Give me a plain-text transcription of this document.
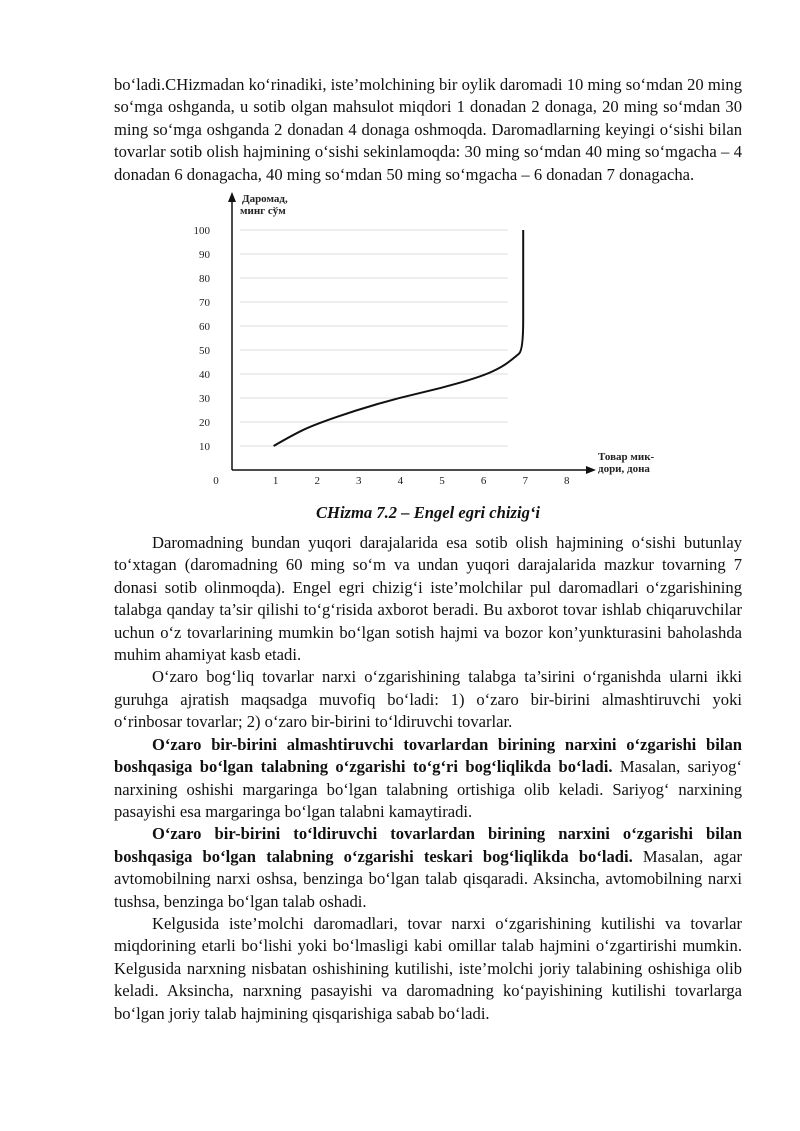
bo‘ladi.CHizmadan ko‘rinadiki, iste’molchining bir oylik daromadi 10 ming so‘mdan 20 ming so‘mga oshganda, u sotib olgan mahsulot miqdori 1 donadan 2 donaga, 20 ming so‘mdan 30 ming so‘mga oshganda 2 donadan 4 donaga oshmoqda. Daromadlarning keyingi o‘sishi bilan tovarlar sotib olish hajmining o‘sishi sekinlamoqda: 30 ming so‘mdan 40 ming so‘mgacha – 4 donadan 6 donagacha, 40 ming so‘mdan 50 ming so‘mgacha – 6 donadan 7 donagacha.

10
20
30
40
50
60
70
80
90
100
0	1	2	3	4	5	6	7	8
Даромад,
минг сўм
Товар мик-
дори, дона
CHizma 7.2 – Engel egri chizig‘i

Daromadning bundan yuqori darajalarida esa sotib olish hajmining o‘sishi butunlay to‘xtagan (daromadning 60 ming so‘m va undan yuqori darajalarida mazkur tovarning 7 donasi sotib olinmoqda). Engel egri chizig‘i iste’molchilar pul daromadlari o‘zgarishining talabga qanday ta’sir qilishi to‘g‘risida axborot beradi. Bu axborot tovar ishlab chiqaruvchilar uchun o‘z tovarlarining mumkin bo‘lgan sotish hajmi va bozor kon’yunkturasini baholashda muhim ahamiyat kasb etadi.

O‘zaro bog‘liq tovarlar narxi o‘zgarishining talabga ta’sirini o‘rganishda ularni ikki guruhga ajratish maqsadga muvofiq bo‘ladi: 1) o‘zaro bir-birini almashtiruvchi yoki o‘rinbosar tovarlar; 2) o‘zaro bir-birini to‘ldiruvchi tovarlar.

O‘zaro bir-birini almashtiruvchi tovarlardan birining narxini o‘zgarishi bilan boshqasiga bo‘lgan talabning o‘zgarishi to‘g‘ri bog‘liqlikda bo‘ladi. Masalan, sariyog‘ narxining oshishi margaringa bo‘lgan talabning ortishiga olib keladi. Sariyog‘ narxining pasayishi esa margaringa bo‘lgan talabni kamaytiradi.

O‘zaro bir-birini to‘ldiruvchi tovarlardan birining narxini o‘zgarishi bilan boshqasiga bo‘lgan talabning o‘zgarishi teskari bog‘liqlikda bo‘ladi. Masalan, agar avtomobilning narxi oshsa, benzinga bo‘lgan talab qisqaradi. Aksincha, avtomobilning narxi tushsa, benzinga bo‘lgan talab oshadi.

Kelgusida iste’molchi daromadlari, tovar narxi o‘zgarishining kutilishi va tovarlar miqdorining etarli bo‘lishi yoki bo‘lmasligi kabi omillar talab hajmini o‘zgartirishi mumkin. Kelgusida narxning nisbatan oshishining kutilishi, iste’molchi joriy talabining oshishiga olib keladi. Aksincha, narxning pasayishi va daromadning ko‘payishining kutilishi tovarlarga bo‘lgan joriy talab hajmining qisqarishiga sabab bo‘ladi.
